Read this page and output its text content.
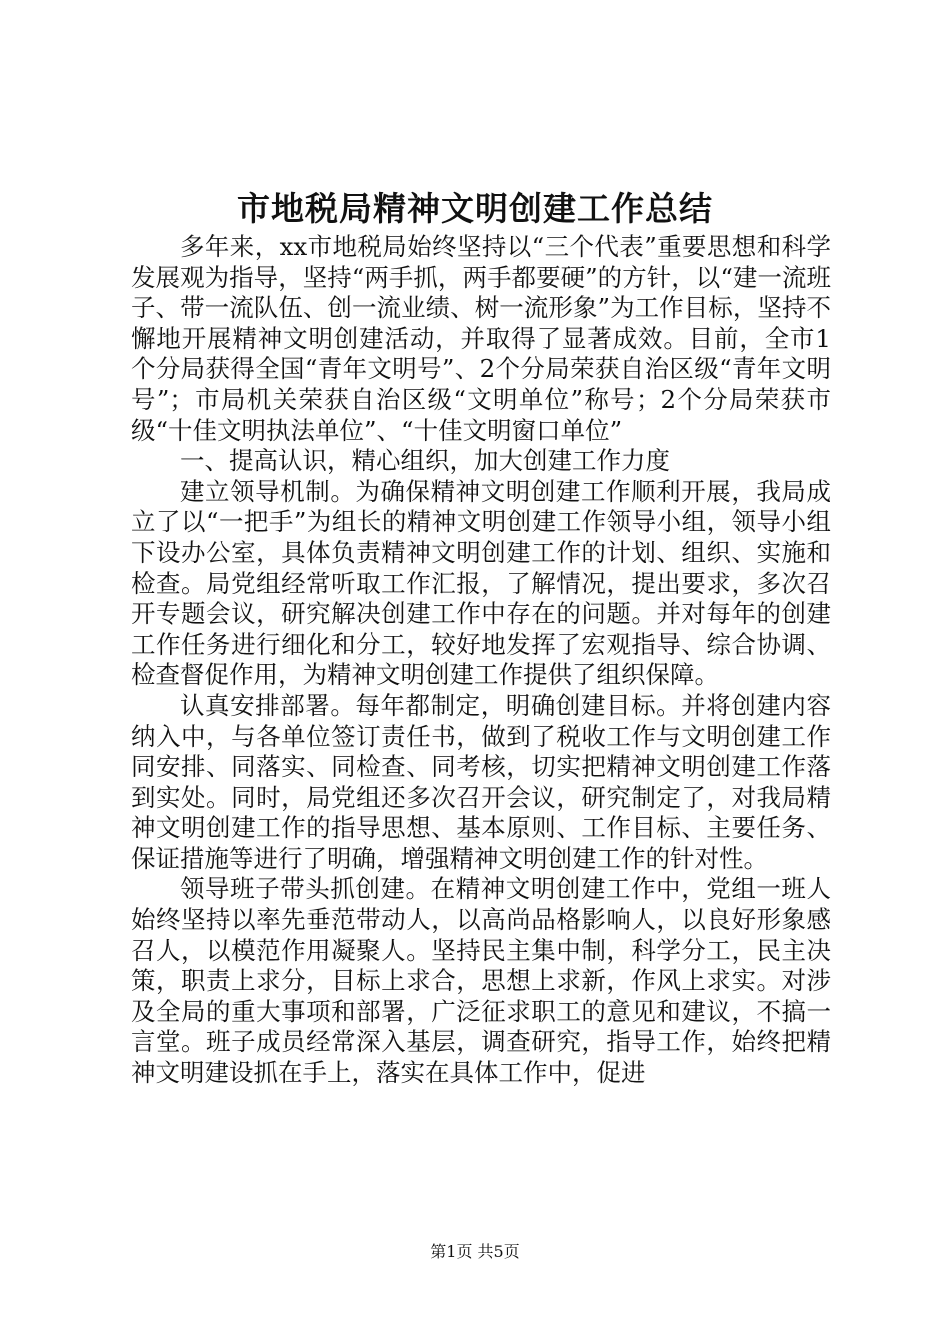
市地税局精神文明创建工作总结

多年来，xx市地税局始终坚持以“三个代表”重要思想和科学发展观为指导，坚持“两手抓，两手都要硬”的方针，以“建一流班子、带一流队伍、创一流业绩、树一流形象”为工作目标，坚持不懈地开展精神文明创建活动，并取得了显著成效。目前，全市1个分局获得全国“青年文明号”、2个分局荣获自治区级“青年文明号”；市局机关荣获自治区级“文明单位”称号；2个分局荣获市级“十佳文明执法单位”、“十佳文明窗口单位”

一、提高认识，精心组织，加大创建工作力度

建立领导机制。为确保精神文明创建工作顺利开展，我局成立了以“一把手”为组长的精神文明创建工作领导小组，领导小组下设办公室，具体负责精神文明创建工作的计划、组织、实施和检查。局党组经常听取工作汇报，了解情况，提出要求，多次召开专题会议，研究解决创建工作中存在的问题。并对每年的创建工作任务进行细化和分工，较好地发挥了宏观指导、综合协调、检查督促作用，为精神文明创建工作提供了组织保障。

认真安排部署。每年都制定，明确创建目标。并将创建内容纳入中，与各单位签订责任书，做到了税收工作与文明创建工作同安排、同落实、同检查、同考核，切实把精神文明创建工作落到实处。同时，局党组还多次召开会议，研究制定了，对我局精神文明创建工作的指导思想、基本原则、工作目标、主要任务、保证措施等进行了明确，增强精神文明创建工作的针对性。

领导班子带头抓创建。在精神文明创建工作中，党组一班人始终坚持以率先垂范带动人，以高尚品格影响人，以良好形象感召人，以模范作用凝聚人。坚持民主集中制，科学分工，民主决策，职责上求分，目标上求合，思想上求新，作风上求实。对涉及全局的重大事项和部署，广泛征求职工的意见和建议，不搞一言堂。班子成员经常深入基层，调查研究，指导工作，始终把精神文明建设抓在手上，落实在具体工作中，促进

第1页 共5页
